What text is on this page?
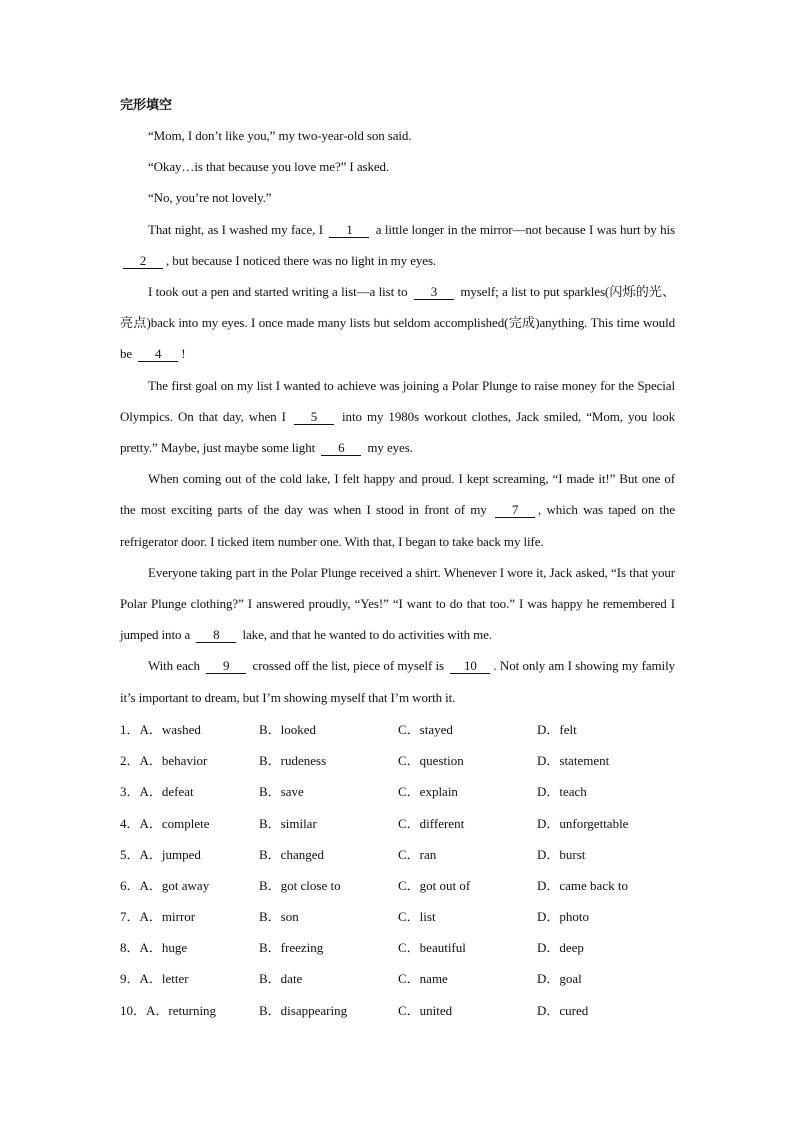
完形填空

“Mom, I don’t like you,” my two-year-old son said.

“Okay…is that because you love me?” I asked.

“No, you’re not lovely.”

That night, as I washed my face, I 1 a little longer in the mirror—not because I was hurt by his 2 , but because I noticed there was no light in my eyes.

I took out a pen and started writing a list—a list to 3 myself; a list to put sparkles(闪烁的光、亮点)back into my eyes. I once made many lists but seldom accomplished(完成)anything. This time would be 4 !

The first goal on my list I wanted to achieve was joining a Polar Plunge to raise money for the Special Olympics. On that day, when I 5 into my 1980s workout clothes, Jack smiled, “Mom, you look pretty.” Maybe, just maybe some light 6 my eyes.

When coming out of the cold lake, I felt happy and proud. I kept screaming, “I made it!” But one of the most exciting parts of the day was when I stood in front of my 7 , which was taped on the refrigerator door. I ticked item number one. With that, I began to take back my life.

Everyone taking part in the Polar Plunge received a shirt. Whenever I wore it, Jack asked, “Is that your Polar Plunge clothing?” I answered proudly, “Yes!” “I want to do that too.” I was happy he remembered I jumped into a 8 lake, and that he wanted to do activities with me.

With each 9 crossed off the list, piece of myself is 10 . Not only am I showing my family it’s important to dream, but I’m showing myself that I’m worth it.

1．A．washed	B．looked	C．stayed	D．felt
2．A．behavior	B．rudeness	C．question	D．statement
3．A．defeat	B．save	C．explain	D．teach
4．A．complete	B．similar	C．different	D．unforgettable
5．A．jumped	B．changed	C．ran	D．burst
6．A．got away	B．got close to	C．got out of	D．came back to
7．A．mirror	B．son	C．list	D．photo
8．A．huge	B．freezing	C．beautiful	D．deep
9．A．letter	B．date	C．name	D．goal
10．A．returning	B．disappearing	C．united	D．cured
